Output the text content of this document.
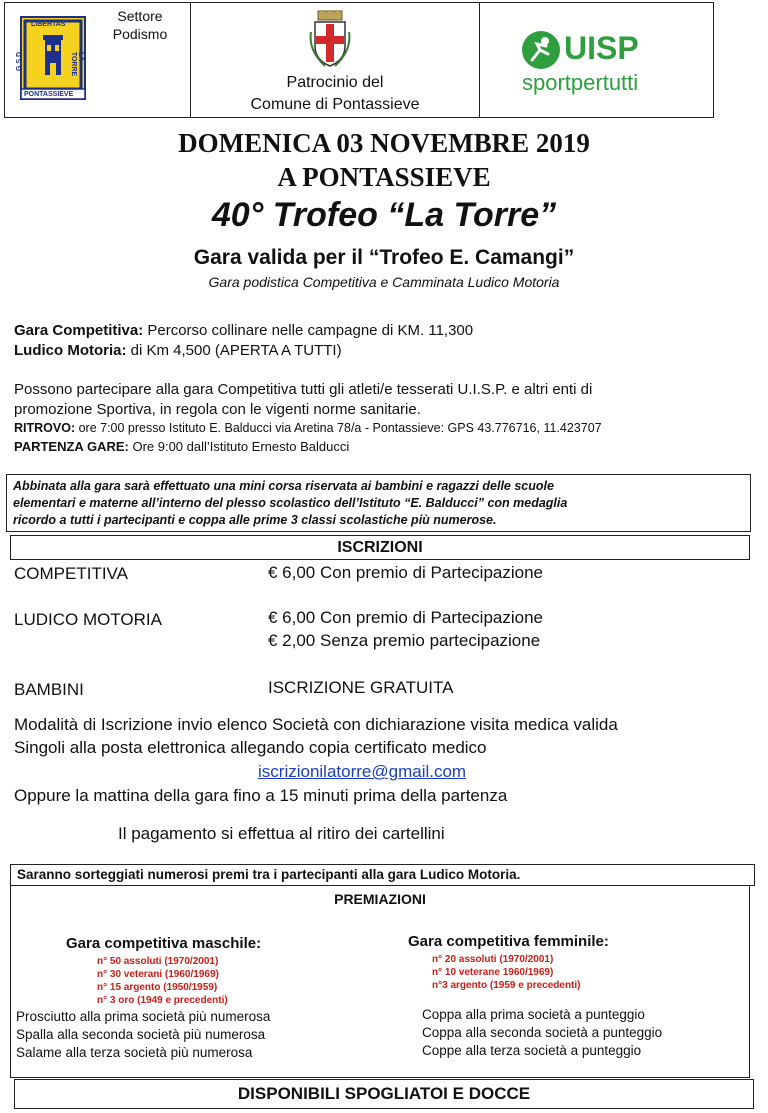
LIBERTAS
G.S.D.	LA TORRE
PONTASSIEVE
Settore
Podismo
Patrocinio del
Comune di Pontassieve
UISP
sportpertutti
DOMENICA 03 NOVEMBRE 2019
A PONTASSIEVE
40° Trofeo “La Torre”
Gara valida per il “Trofeo E. Camangi”
Gara podistica Competitiva e Camminata Ludico Motoria
Gara Competitiva: Percorso collinare nelle campagne di KM. 11,300
Ludico Motoria: di Km 4,500 (APERTA A TUTTI)
Possono partecipare alla gara Competitiva tutti gli atleti/e tesserati U.I.S.P. e altri enti di
promozione Sportiva, in regola con le vigenti norme sanitarie.
RITROVO: ore 7:00 presso Istituto E. Balducci via Aretina 78/a - Pontassieve: GPS 43.776716, 11.423707
PARTENZA GARE: Ore 9:00 dall’Istituto Ernesto Balducci
Abbinata alla gara sarà effettuato una mini corsa riservata ai bambini e ragazzi delle scuole
elementari e materne all’interno del plesso scolastico dell’Istituto “E. Balducci” con medaglia
ricordo a tutti i partecipanti e coppa alle prime 3 classi scolastiche più numerose.
ISCRIZIONI
COMPETITIVA	€ 6,00 Con premio di Partecipazione
LUDICO MOTORIA	€ 6,00 Con premio di Partecipazione
€ 2,00 Senza premio partecipazione
BAMBINI	ISCRIZIONE GRATUITA
Modalità di Iscrizione invio elenco Società con dichiarazione visita medica valida
Singoli alla posta elettronica allegando copia certificato medico
iscrizionilatorre@gmail.com
Oppure la mattina della gara fino a 15 minuti prima della partenza
Il pagamento si effettua al ritiro dei cartellini
Saranno sorteggiati numerosi premi tra i partecipanti alla gara Ludico Motoria.
PREMIAZIONI
Gara competitiva maschile:
n° 50 assoluti (1970/2001)
n° 30 veterani (1960/1969)
n° 15 argento (1950/1959)
n° 3 oro (1949 e precedenti)
Prosciutto alla prima società più numerosa
Spalla alla seconda società più numerosa
Salame alla terza società più numerosa
Gara competitiva femminile:
n° 20 assoluti (1970/2001)
n° 10 veterane 1960/1969)
n°3 argento (1959 e precedenti)
Coppa alla prima società a punteggio
Coppa alla seconda società a punteggio
Coppe alla terza società a punteggio
DISPONIBILI SPOGLIATOI E DOCCE
